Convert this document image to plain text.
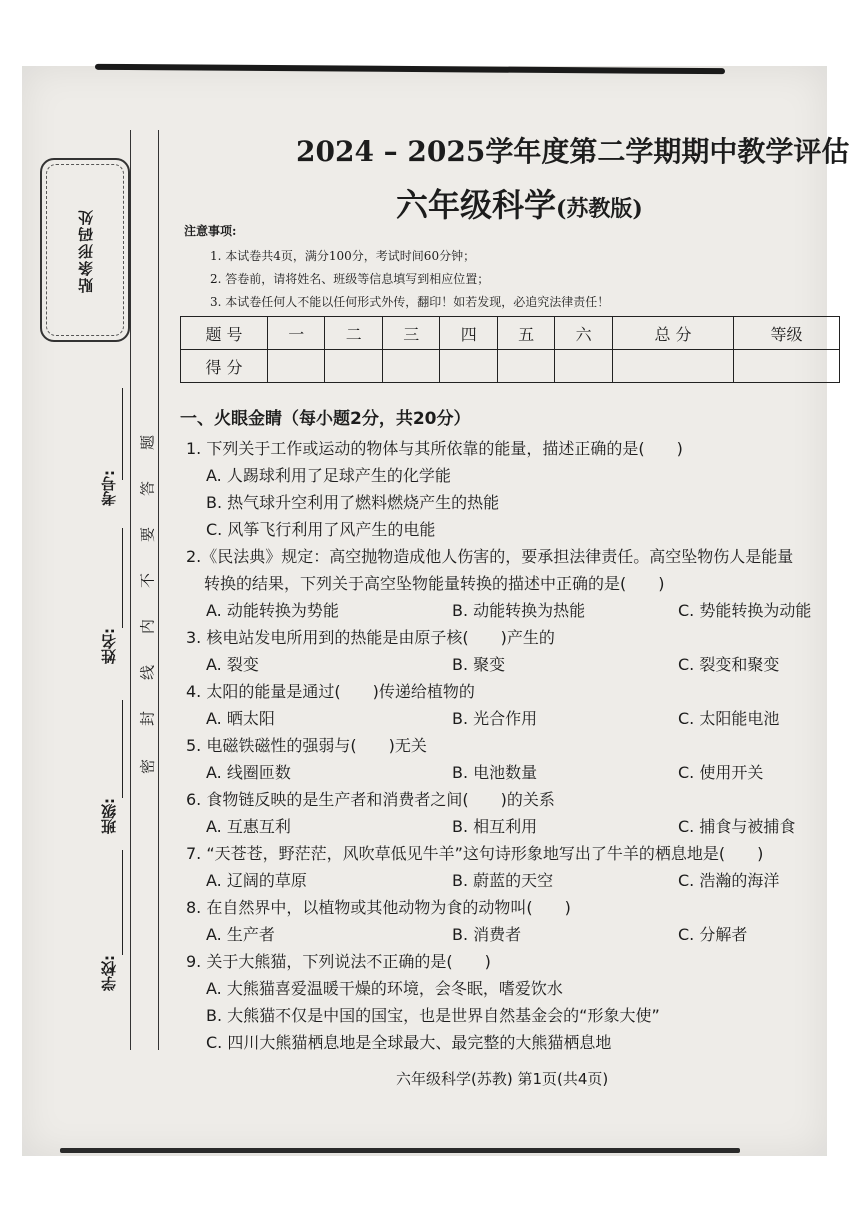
贴条形码处
考号:
姓名:
班级:
学校:
题
答
要
不
内
线
封
密
2024 – 2025学年度第二学期期中教学评估
六年级科学(苏教版)
注意事项:
1. 本试卷共4页，满分100分，考试时间60分钟；
2. 答卷前，请将姓名、班级等信息填写到相应位置；
3. 本试卷任何人不能以任何形式外传，翻印！如若发现，必追究法律责任！
题 号	一	二	三	四	五	六	总 分	等级
得 分								
一、火眼金睛（每小题2分，共20分）
1. 下列关于工作或运动的物体与其所依靠的能量，描述正确的是(　　)
A. 人踢球利用了足球产生的化学能
B. 热气球升空利用了燃料燃烧产生的热能
C. 风筝飞行利用了风产生的电能
2.《民法典》规定：高空抛物造成他人伤害的，要承担法律责任。高空坠物伤人是能量
转换的结果，下列关于高空坠物能量转换的描述中正确的是(　　)
A. 动能转换为势能	B. 动能转换为热能	C. 势能转换为动能
3. 核电站发电所用到的热能是由原子核(　　)产生的
A. 裂变	B. 聚变	C. 裂变和聚变
4. 太阳的能量是通过(　　)传递给植物的
A. 晒太阳	B. 光合作用	C. 太阳能电池
5. 电磁铁磁性的强弱与(　　)无关
A. 线圈匝数	B. 电池数量	C. 使用开关
6. 食物链反映的是生产者和消费者之间(　　)的关系
A. 互惠互利	B. 相互利用	C. 捕食与被捕食
7. “天苍苍，野茫茫，风吹草低见牛羊”这句诗形象地写出了牛羊的栖息地是(　　)
A. 辽阔的草原	B. 蔚蓝的天空	C. 浩瀚的海洋
8. 在自然界中，以植物或其他动物为食的动物叫(　　)
A. 生产者	B. 消费者	C. 分解者
9. 关于大熊猫，下列说法不正确的是(　　)
A. 大熊猫喜爱温暖干燥的环境，会冬眠，嗜爱饮水
B. 大熊猫不仅是中国的国宝，也是世界自然基金会的“形象大使”
C. 四川大熊猫栖息地是全球最大、最完整的大熊猫栖息地
六年级科学(苏教) 第1页(共4页)
